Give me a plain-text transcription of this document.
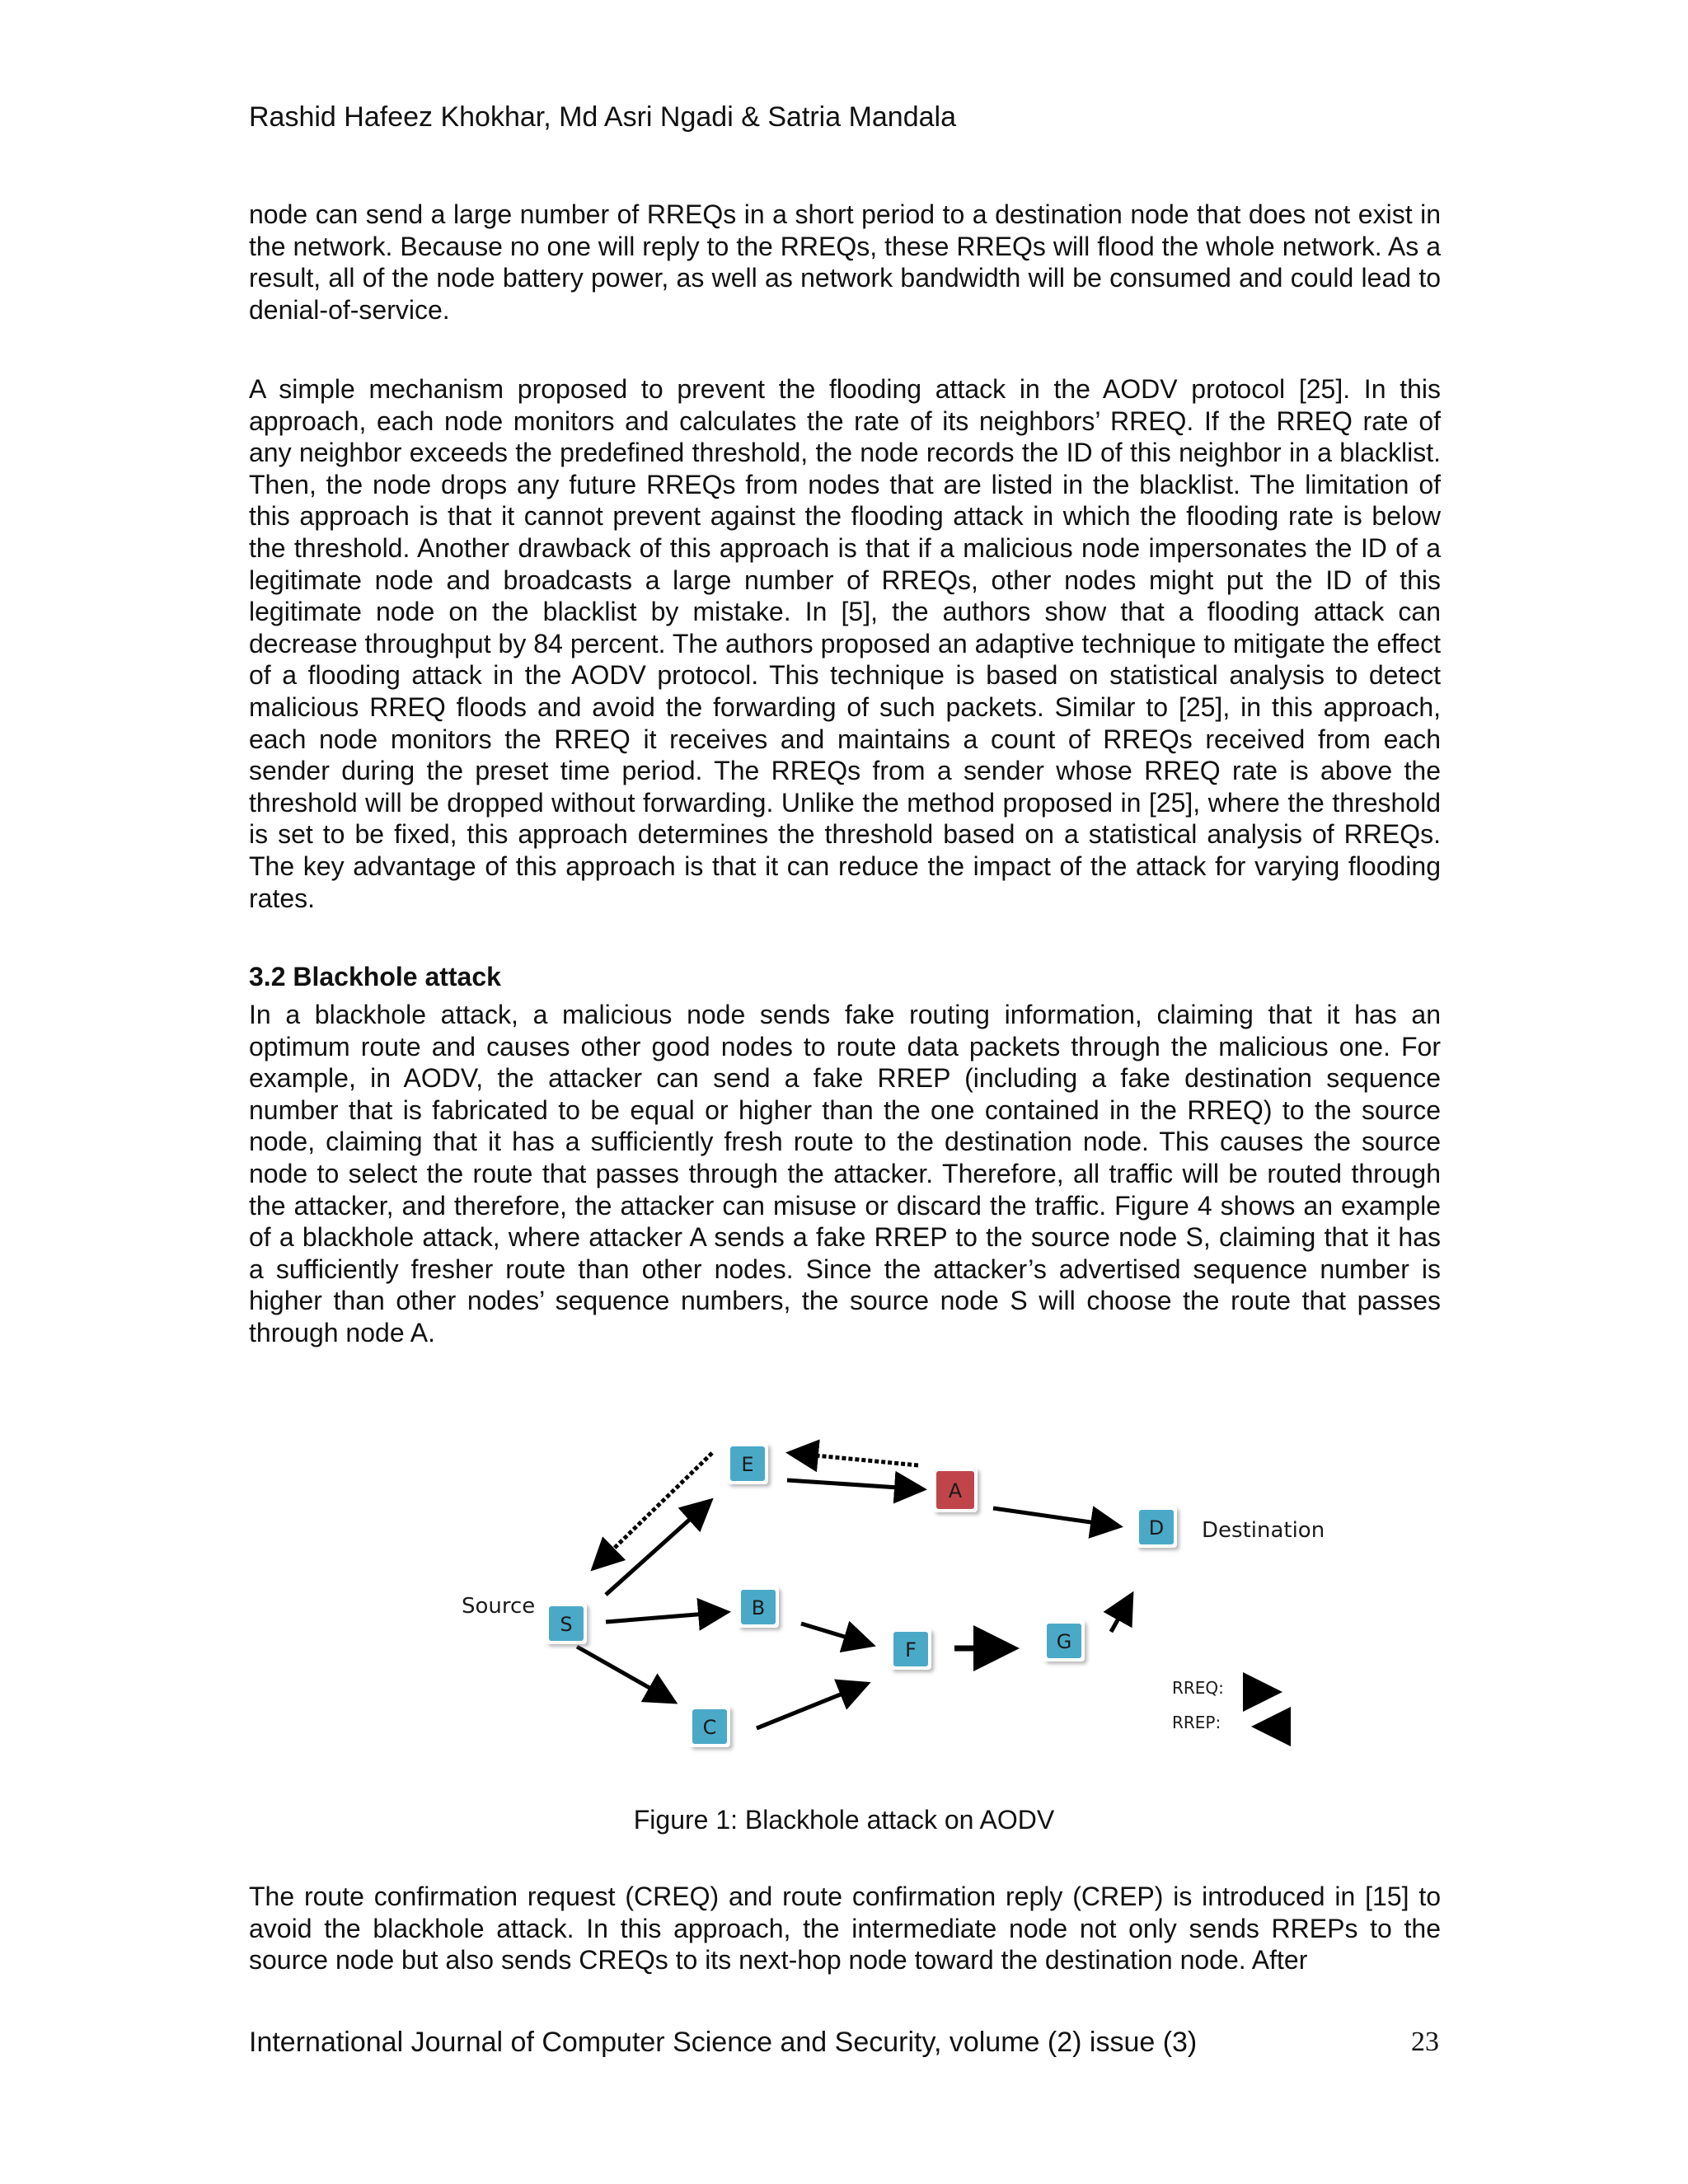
Rashid Hafeez Khokhar, Md Asri Ngadi & Satria Mandala

node can send a large number of RREQs in a short period to a destination node that does not exist in the network. Because no one will reply to the RREQs, these RREQs will flood the whole network. As a result, all of the node battery power, as well as network bandwidth will be consumed and could lead to denial-of-service.

A simple mechanism proposed to prevent the flooding attack in the AODV protocol [25]. In this approach, each node monitors and calculates the rate of its neighbors’ RREQ. If the RREQ rate of any neighbor exceeds the predefined threshold, the node records the ID of this neighbor in a blacklist. Then, the node drops any future RREQs from nodes that are listed in the blacklist. The limitation of this approach is that it cannot prevent against the flooding attack in which the flooding rate is below the threshold. Another drawback of this approach is that if a malicious node impersonates the ID of a legitimate node and broadcasts a large number of RREQs, other nodes might put the ID of this legitimate node on the blacklist by mistake. In [5], the authors show that a flooding attack can decrease throughput by 84 percent. The authors proposed an adaptive technique to mitigate the effect of a flooding attack in the AODV protocol. This technique is based on statistical analysis to detect malicious RREQ floods and avoid the forwarding of such packets. Similar to [25], in this approach, each node monitors the RREQ it receives and maintains a count of RREQs received from each sender during the preset time period. The RREQs from a sender whose RREQ rate is above the threshold will be dropped without forwarding. Unlike the method proposed in [25], where the threshold is set to be fixed, this approach determines the threshold based on a statistical analysis of RREQs. The key advantage of this approach is that it can reduce the impact of the attack for varying flooding rates.

3.2 Blackhole attack

In a blackhole attack, a malicious node sends fake routing information, claiming that it has an optimum route and causes other good nodes to route data packets through the malicious one. For example, in AODV, the attacker can send a fake RREP (including a fake destination sequence number that is fabricated to be equal or higher than the one contained in the RREQ) to the source node, claiming that it has a sufficiently fresh route to the destination node. This causes the source node to select the route that passes through the attacker. Therefore, all traffic will be routed through the attacker, and therefore, the attacker can misuse or discard the traffic. Figure 4 shows an example of a blackhole attack, where attacker A sends a fake RREP to the source node S, claiming that it has a sufficiently fresher route than other nodes. Since the attacker’s advertised sequence number is higher than other nodes’ sequence numbers, the source node S will choose the route that passes through node A.

S
E
A
B
D
F	G
C
Source
Destination
RREQ:
RREP:
Figure 1: Blackhole attack on AODV

The route confirmation request (CREQ) and route confirmation reply (CREP) is introduced in [15] to avoid the blackhole attack. In this approach, the intermediate node not only sends RREPs to the source node but also sends CREQs to its next-hop node toward the destination node. After

International Journal of Computer Science and Security, volume (2) issue (3)	23
